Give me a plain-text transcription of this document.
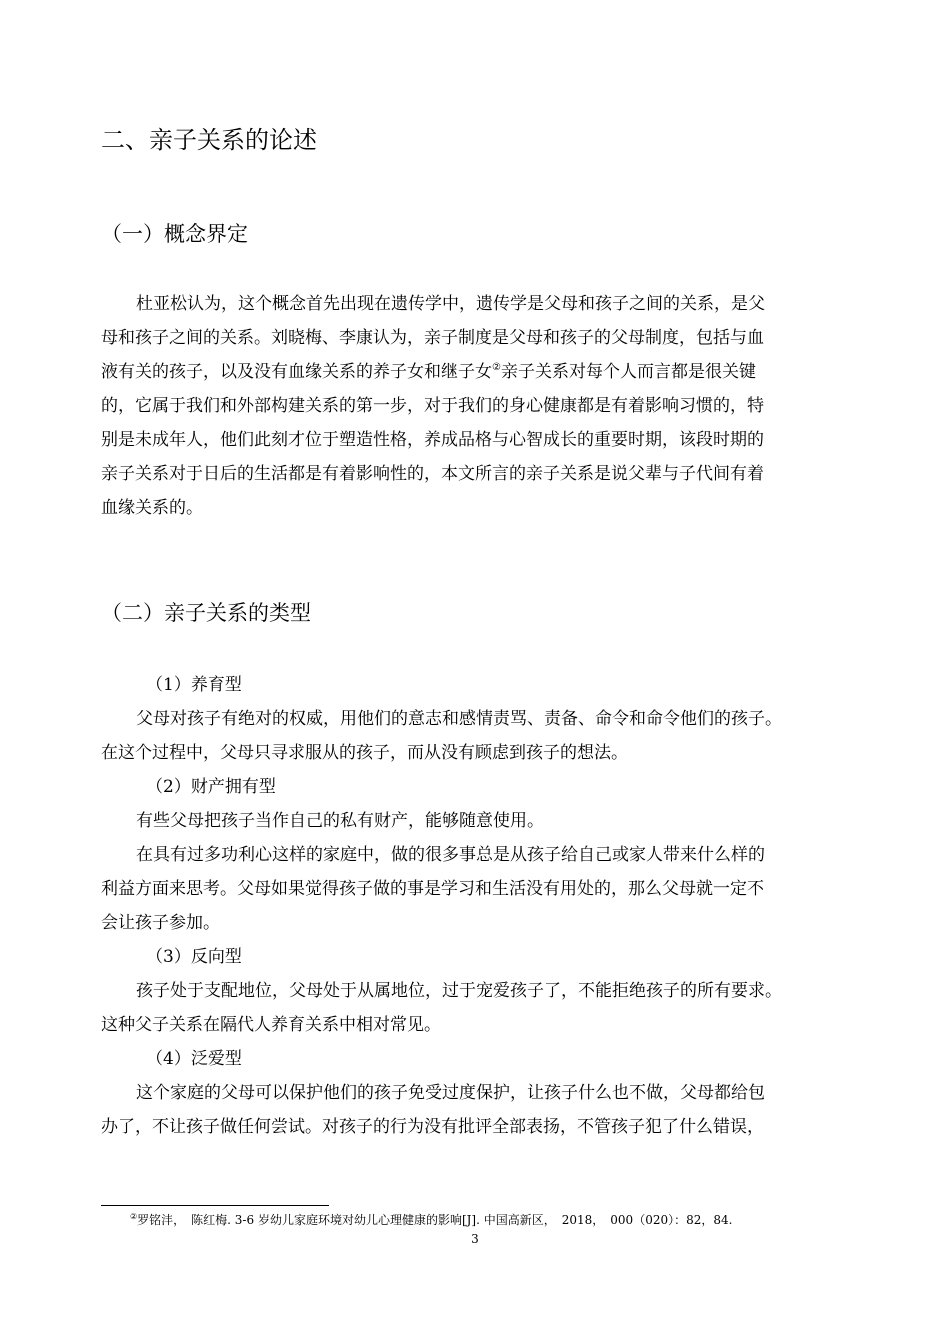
二、亲子关系的论述
（一）概念界定
杜亚松认为，这个概念首先出现在遗传学中，遗传学是父母和孩子之间的关系，是父
母和孩子之间的关系。刘晓梅、李康认为，亲子制度是父母和孩子的父母制度，包括与血
液有关的孩子，以及没有血缘关系的养子女和继子女②亲子关系对每个人而言都是很关键
的，它属于我们和外部构建关系的第一步，对于我们的身心健康都是有着影响习惯的，特
别是未成年人，他们此刻才位于塑造性格，养成品格与心智成长的重要时期，该段时期的
亲子关系对于日后的生活都是有着影响性的，本文所言的亲子关系是说父辈与子代间有着
血缘关系的。
（二）亲子关系的类型
（1）养育型
父母对孩子有绝对的权威，用他们的意志和感情责骂、责备、命令和命令他们的孩子。
在这个过程中，父母只寻求服从的孩子，而从没有顾虑到孩子的想法。
（2）财产拥有型
有些父母把孩子当作自己的私有财产，能够随意使用。
在具有过多功利心这样的家庭中，做的很多事总是从孩子给自己或家人带来什么样的
利益方面来思考。父母如果觉得孩子做的事是学习和生活没有用处的，那么父母就一定不
会让孩子参加。
（3）反向型
孩子处于支配地位，父母处于从属地位，过于宠爱孩子了，不能拒绝孩子的所有要求。
这种父子关系在隔代人养育关系中相对常见。
（4）泛爱型
这个家庭的父母可以保护他们的孩子免受过度保护，让孩子什么也不做，父母都给包
办了，不让孩子做任何尝试。对孩子的行为没有批评全部表扬，不管孩子犯了什么错误，
②罗铭沣，　陈红梅. 3-6 岁幼儿家庭环境对幼儿心理健康的影响[J]. 中国高新区，　2018，　000（020）：82，84.
3
